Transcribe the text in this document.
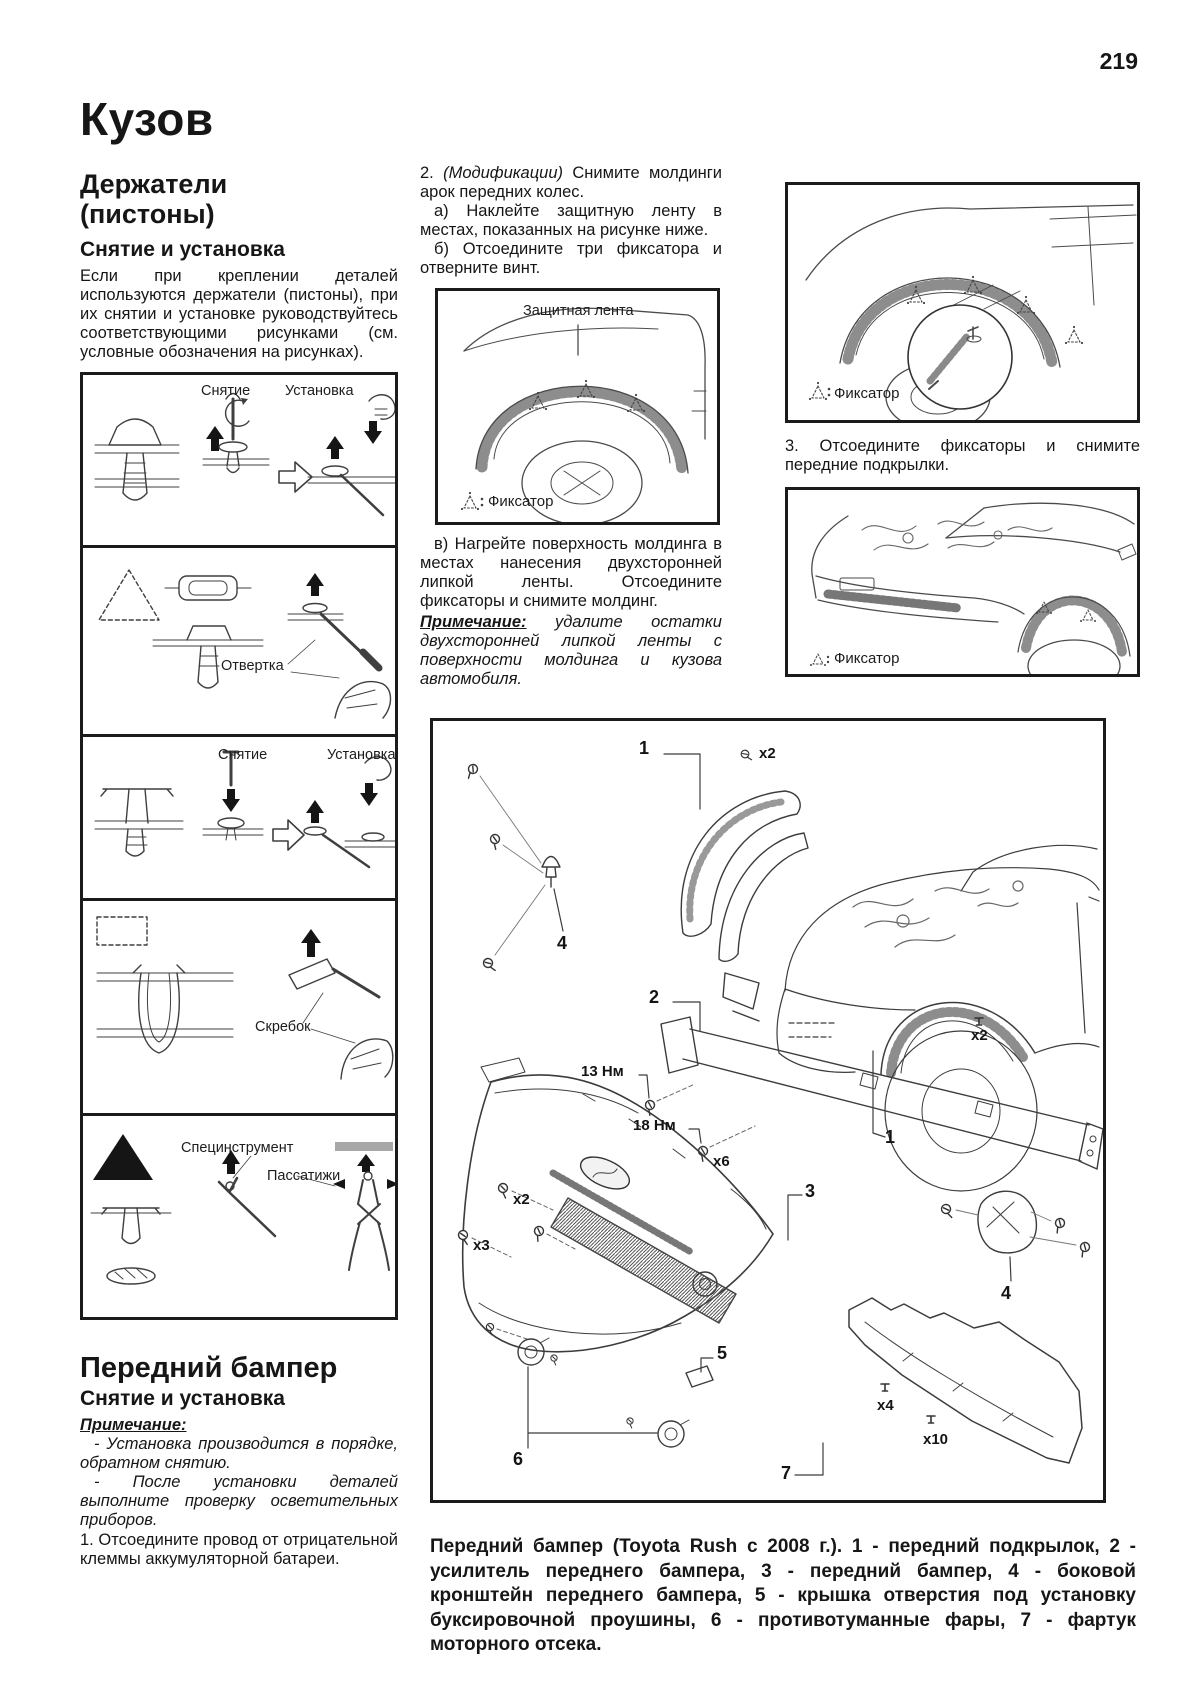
219
Кузов
Держатели
(пистоны)
Снятие и установка

Если при креплении деталей используются держатели (пистоны), при их снятии и установке руководствуйтесь соответствующими рисунками (см. условные обозначения на рисунках).

Снятие Установка
Отвертка
Снятие	Установка
Скребок
Специнструмент
Пассатижи
Передний бампер
Снятие и установка

Примечание:

- Установка производится в порядке, обратном снятию.

- После установки деталей выполните проверку осветительных приборов.

1. Отсоедините провод от отрицательной клеммы аккумуляторной батареи.

2. (Модификации) Снимите молдинги арок передних колес.

а) Наклейте защитную ленту в местах, показанных на рисунке ниже.

б) Отсоедините три фиксатора и отверните винт.

Защитная лента
Фиксатор

в) Нагрейте поверхность молдинга в местах нанесения двухсторонней липкой ленты. Отсоедините фиксаторы и снимите молдинг.

Примечание: удалите остатки двухсторонней липкой ленты с поверхности молдинга и кузова автомобиля.

Фиксатор

3. Отсоедините фиксаторы и снимите передние подкрылки.

Фиксатор
1	x2
4
2
13 Нм
18 Нм
x6
x2
1
3
x2
x3
5
6
x4
x10
7
4

Передний бампер (Toyota Rush с 2008 г.). 1 - передний подкрылок, 2 - усилитель переднего бампера, 3 - передний бампер, 4 - боковой кронштейн переднего бампера, 5 - крышка отверстия под установку буксировочной проушины, 6 - противотуманные фары, 7 - фартук моторного отсека.
